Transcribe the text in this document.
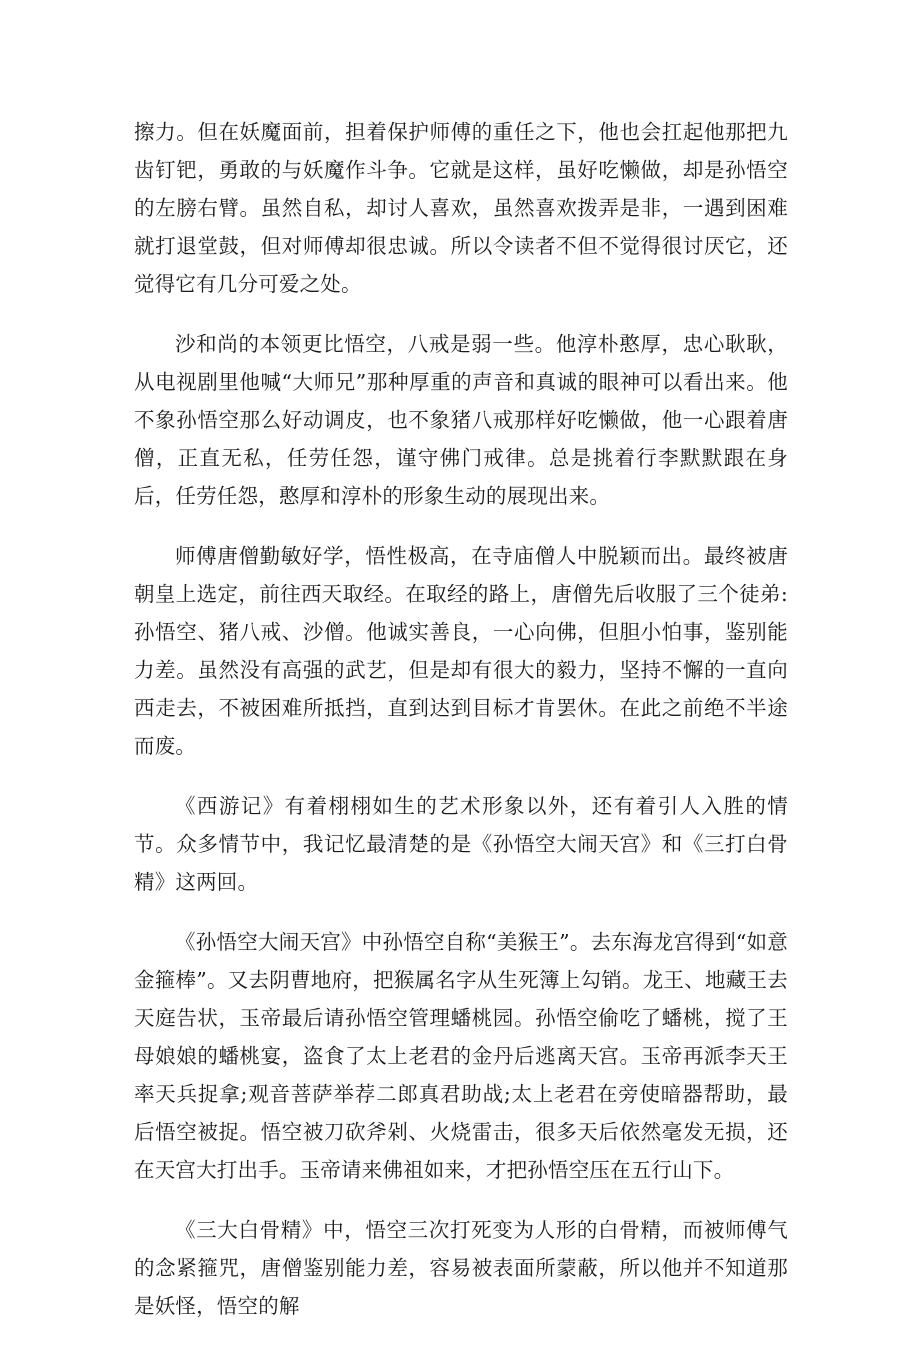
擦力。但在妖魔面前，担着保护师傅的重任之下，他也会扛起他那把九齿钉钯，勇敢的与妖魔作斗争。它就是这样，虽好吃懒做，却是孙悟空的左膀右臂。虽然自私，却讨人喜欢，虽然喜欢拨弄是非，一遇到困难就打退堂鼓，但对师傅却很忠诚。所以令读者不但不觉得很讨厌它，还觉得它有几分可爱之处。

沙和尚的本领更比悟空，八戒是弱一些。他淳朴憨厚，忠心耿耿，从电视剧里他喊“大师兄”那种厚重的声音和真诚的眼神可以看出来。他不象孙悟空那么好动调皮，也不象猪八戒那样好吃懒做，他一心跟着唐僧，正直无私，任劳任怨，谨守佛门戒律。总是挑着行李默默跟在身后，任劳任怨，憨厚和淳朴的形象生动的展现出来。

师傅唐僧勤敏好学，悟性极高，在寺庙僧人中脱颖而出。最终被唐朝皇上选定，前往西天取经。在取经的路上，唐僧先后收服了三个徒弟:孙悟空、猪八戒、沙僧。他诚实善良，一心向佛，但胆小怕事，鉴别能力差。虽然没有高强的武艺，但是却有很大的毅力，坚持不懈的一直向西走去，不被困难所抵挡，直到达到目标才肯罢休。在此之前绝不半途而废。

《西游记》有着栩栩如生的艺术形象以外，还有着引人入胜的情节。众多情节中，我记忆最清楚的是《孙悟空大闹天宫》和《三打白骨精》这两回。

《孙悟空大闹天宫》中孙悟空自称“美猴王”。去东海龙宫得到“如意金箍棒”。又去阴曹地府，把猴属名字从生死簿上勾销。龙王、地藏王去天庭告状，玉帝最后请孙悟空管理蟠桃园。孙悟空偷吃了蟠桃，搅了王母娘娘的蟠桃宴，盗食了太上老君的金丹后逃离天宫。玉帝再派李天王率天兵捉拿;观音菩萨举荐二郎真君助战;太上老君在旁使暗器帮助，最后悟空被捉。悟空被刀砍斧剁、火烧雷击，很多天后依然毫发无损，还在天宫大打出手。玉帝请来佛祖如来，才把孙悟空压在五行山下。

《三大白骨精》中，悟空三次打死变为人形的白骨精，而被师傅气的念紧箍咒，唐僧鉴别能力差，容易被表面所蒙蔽，所以他并不知道那是妖怪，悟空的解
